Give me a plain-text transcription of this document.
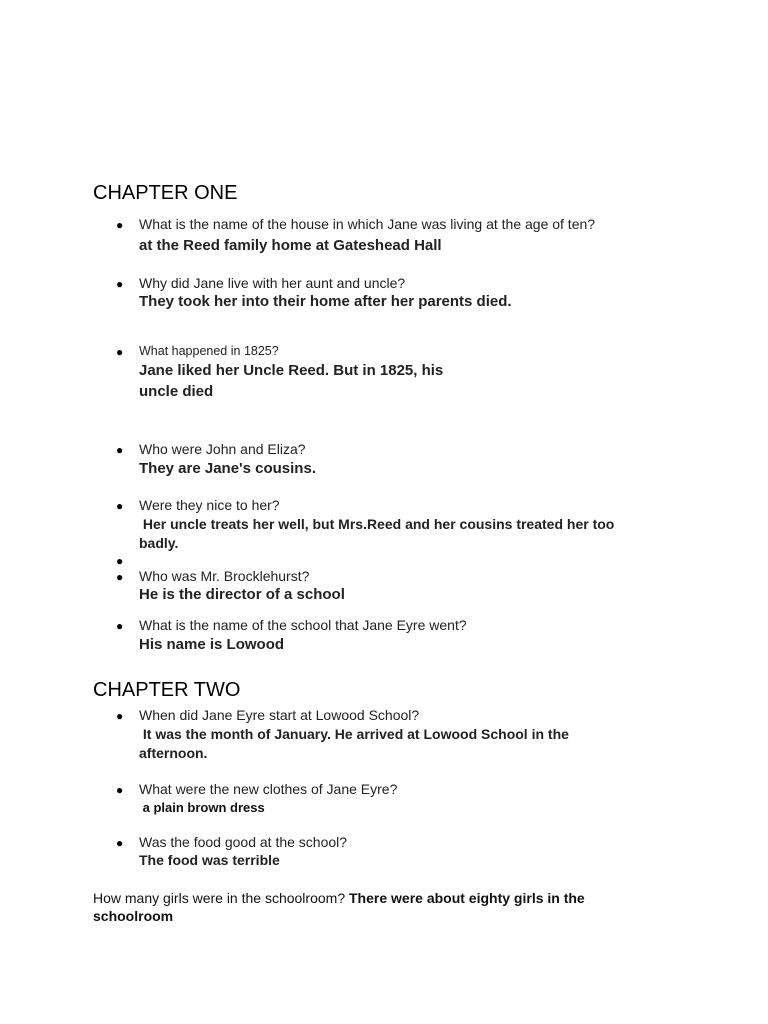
CHAPTER ONE
● What is the name of the house in which Jane was living at the age of ten?
at the Reed family home at Gateshead Hall
● Why did Jane live with her aunt and uncle?
They took her into their home after her parents died.
● What happened in 1825?
Jane liked her Uncle Reed. But in 1825, his
uncle died
● Who were John and Eliza?
They are Jane's cousins.
● Were they nice to her?
Her uncle treats her well, but Mrs.Reed and her cousins treated her too
badly.
●
● Who was Mr. Brocklehurst?
He is the director of a school
● What is the name of the school that Jane Eyre went?
His name is Lowood
CHAPTER TWO
● When did Jane Eyre start at Lowood School?
It was the month of January. He arrived at Lowood School in the
afternoon.
● What were the new clothes of Jane Eyre?
a plain brown dress
● Was the food good at the school?
The food was terrible
How many girls were in the schoolroom? There were about eighty girls in the
schoolroom
